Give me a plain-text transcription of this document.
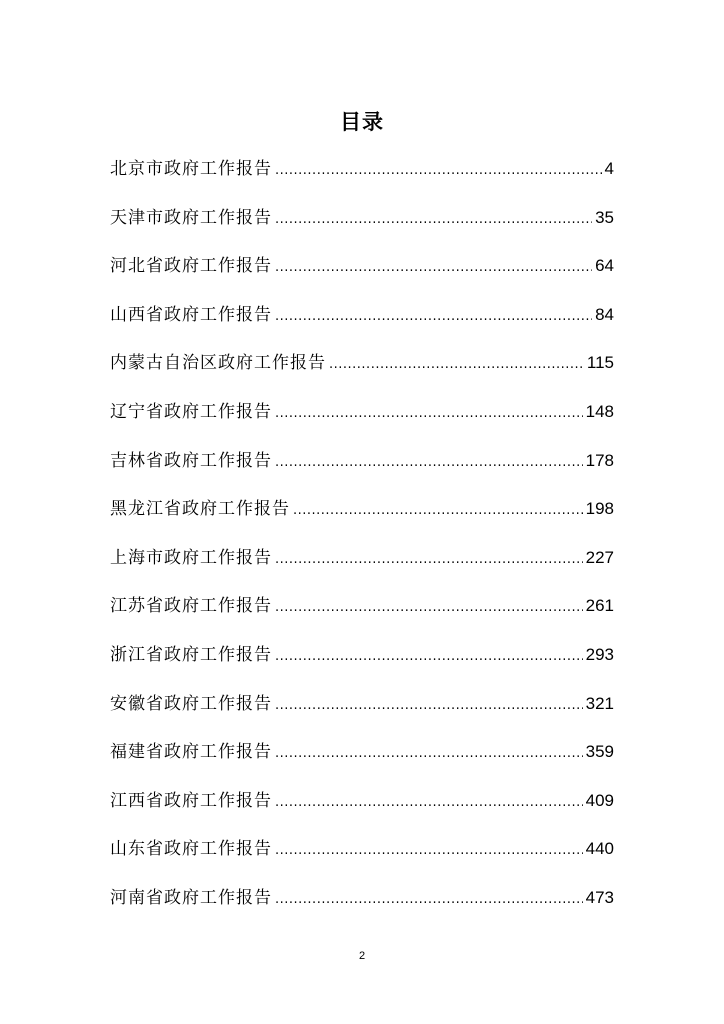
目录
北京市政府工作报告 .....	4
天津市政府工作报告 .....	35
河北省政府工作报告 .....	64
山西省政府工作报告 .....	84
内蒙古自治区政府工作报告 .....	115
辽宁省政府工作报告 .....	148
吉林省政府工作报告 .....	178
黑龙江省政府工作报告 .....	198
上海市政府工作报告 .....	227
江苏省政府工作报告 .....	261
浙江省政府工作报告 .....	293
安徽省政府工作报告 .....	321
福建省政府工作报告 .....	359
江西省政府工作报告 .....	409
山东省政府工作报告 .....	440
河南省政府工作报告 .....	473
2
